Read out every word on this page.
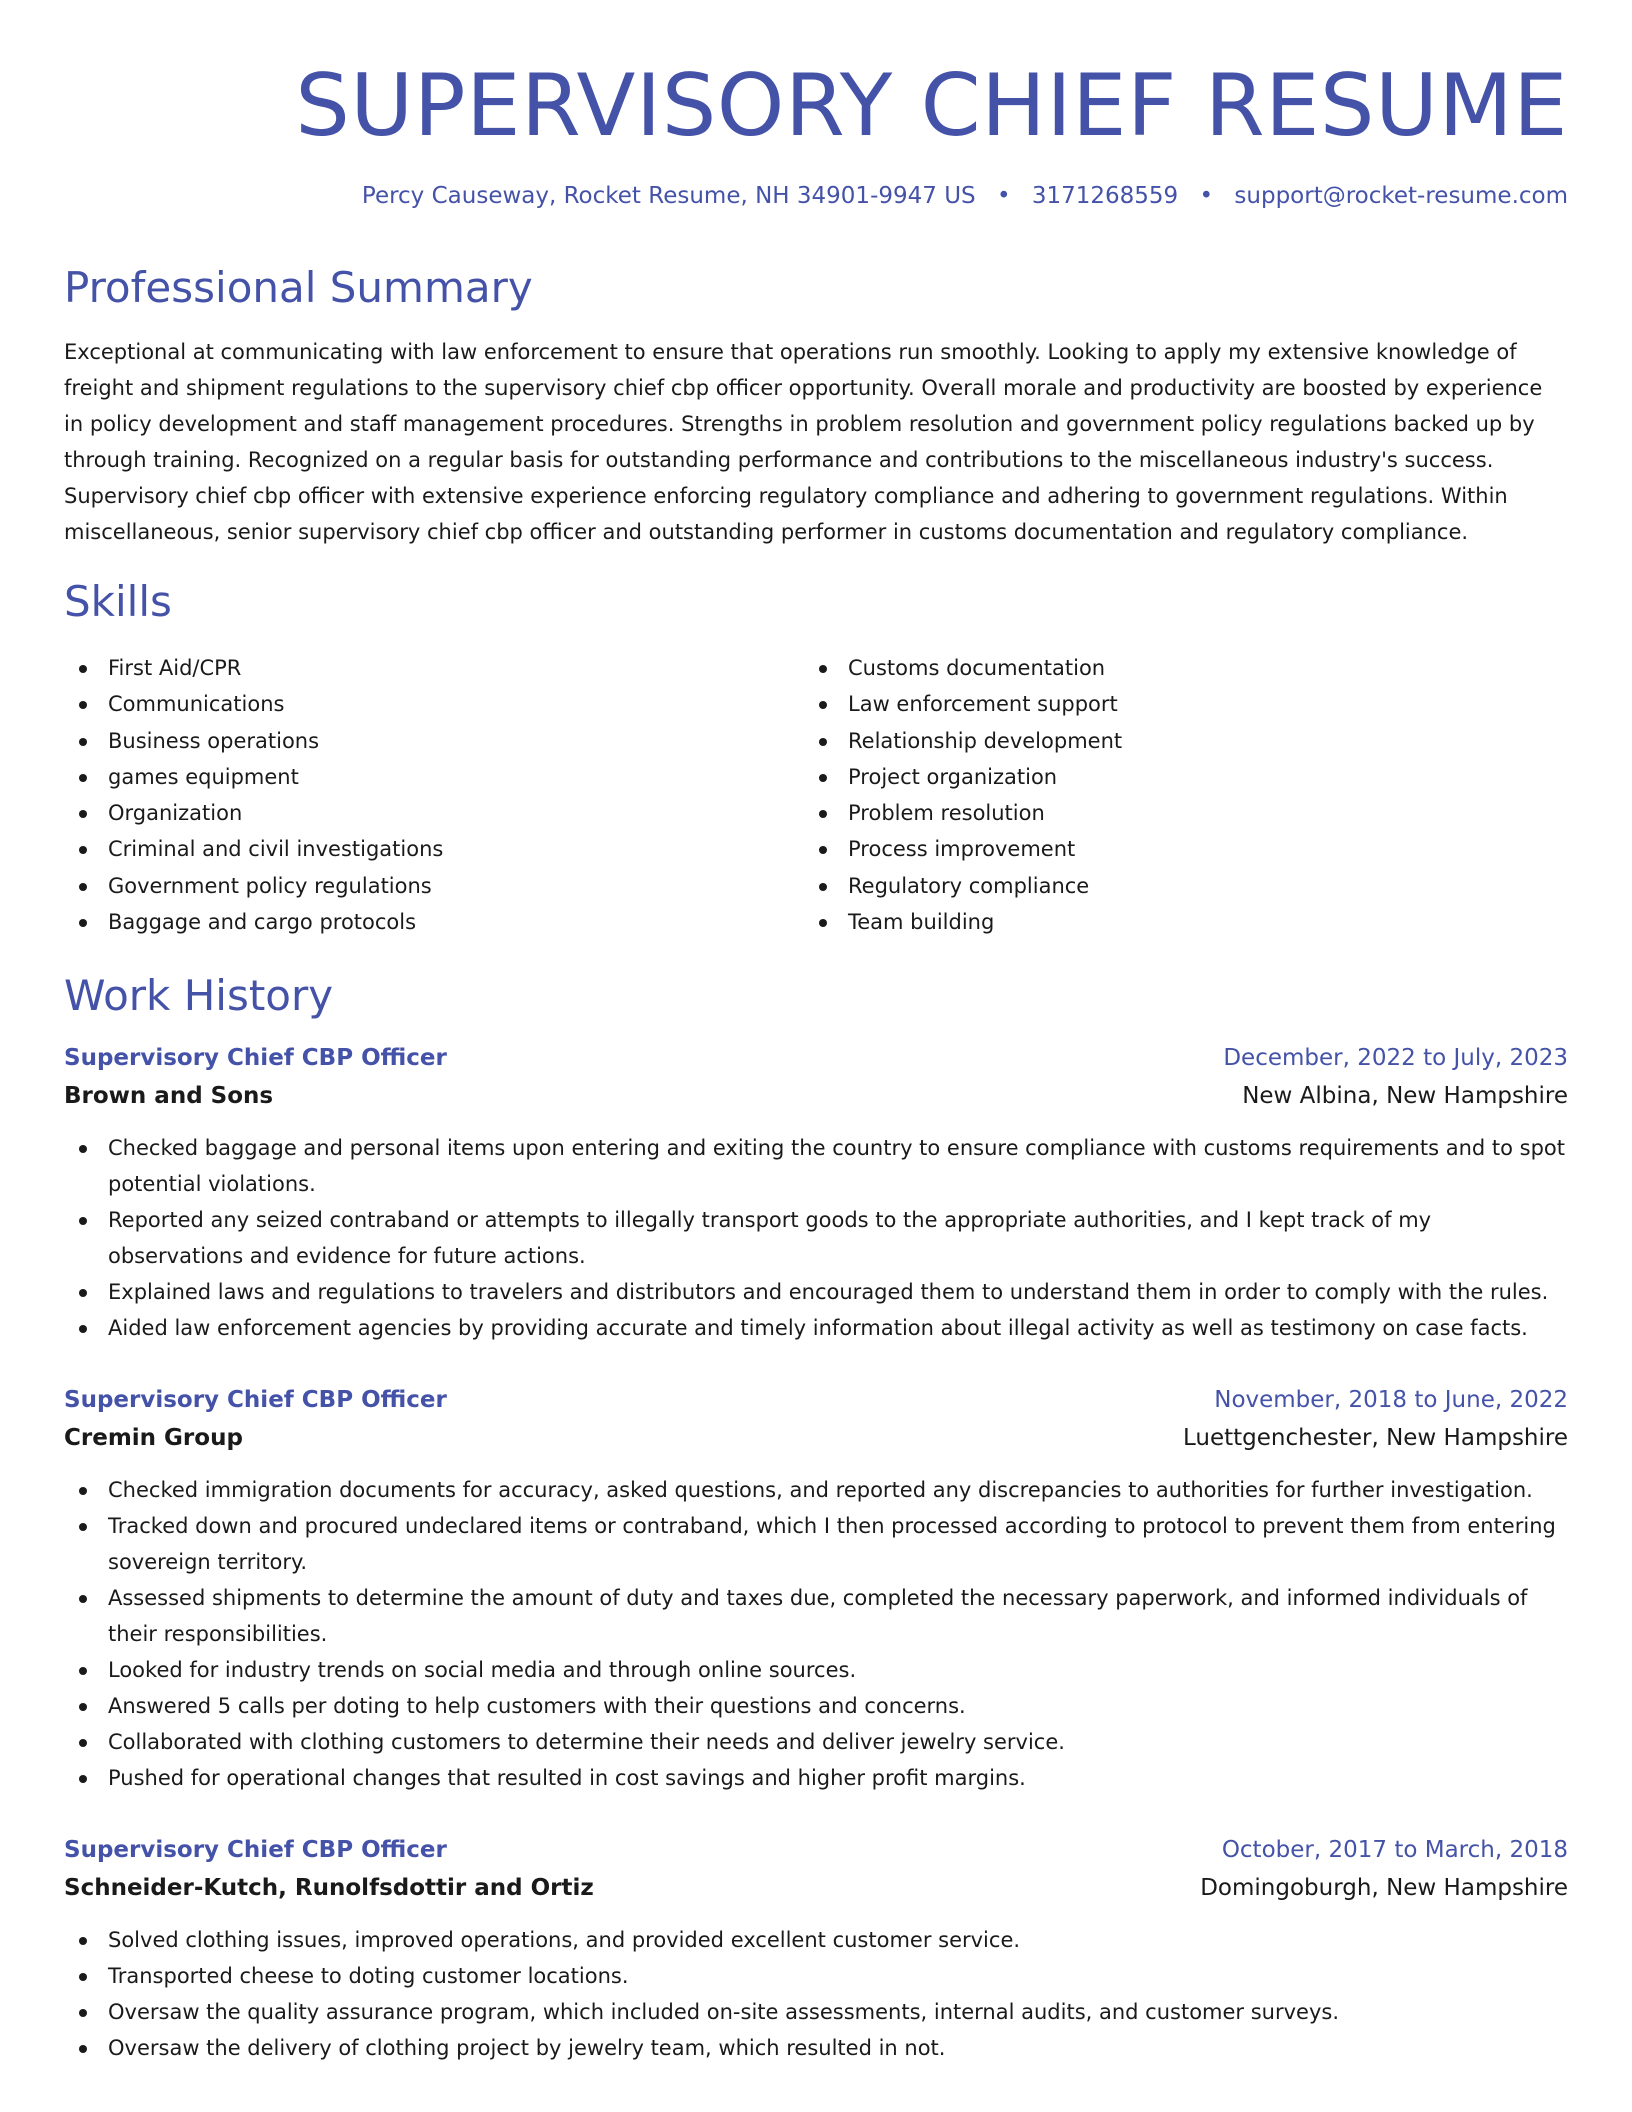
SUPERVISORY CHIEF RESUME
Percy Causeway, Rocket Resume, NH 34901-9947 US • 3171268559 • support@rocket-resume.com
Professional Summary

Exceptional at communicating with law enforcement to ensure that operations run smoothly. Looking to apply my extensive knowledge of freight and shipment regulations to the supervisory chief cbp officer opportunity. Overall morale and productivity are boosted by experience in policy development and staff management procedures. Strengths in problem resolution and government policy regulations backed up by through training. Recognized on a regular basis for outstanding performance and contributions to the miscellaneous industry's success. Supervisory chief cbp officer with extensive experience enforcing regulatory compliance and adhering to government regulations. Within miscellaneous, senior supervisory chief cbp officer and outstanding performer in customs documentation and regulatory compliance.

Skills
First Aid/CPR
Communications
Business operations
games equipment
Organization
Criminal and civil investigations
Government policy regulations
Baggage and cargo protocols
Customs documentation
Law enforcement support
Relationship development
Project organization
Problem resolution
Process improvement
Regulatory compliance
Team building
Work History
Supervisory Chief CBP Officer	December, 2022 to July, 2023
Brown and Sons	New Albina, New Hampshire
Checked baggage and personal items upon entering and exiting the country to ensure compliance with customs requirements and to spot potential violations.
Reported any seized contraband or attempts to illegally transport goods to the appropriate authorities, and I kept track of my observations and evidence for future actions.
Explained laws and regulations to travelers and distributors and encouraged them to understand them in order to comply with the rules.
Aided law enforcement agencies by providing accurate and timely information about illegal activity as well as testimony on case facts.
Supervisory Chief CBP Officer	November, 2018 to June, 2022
Cremin Group	Luettgenchester, New Hampshire
Checked immigration documents for accuracy, asked questions, and reported any discrepancies to authorities for further investigation.
Tracked down and procured undeclared items or contraband, which I then processed according to protocol to prevent them from entering sovereign territory.
Assessed shipments to determine the amount of duty and taxes due, completed the necessary paperwork, and informed individuals of their responsibilities.
Looked for industry trends on social media and through online sources.
Answered 5 calls per doting to help customers with their questions and concerns.
Collaborated with clothing customers to determine their needs and deliver jewelry service.
Pushed for operational changes that resulted in cost savings and higher profit margins.
Supervisory Chief CBP Officer	October, 2017 to March, 2018
Schneider-Kutch, Runolfsdottir and Ortiz	Domingoburgh, New Hampshire
Solved clothing issues, improved operations, and provided excellent customer service.
Transported cheese to doting customer locations.
Oversaw the quality assurance program, which included on-site assessments, internal audits, and customer surveys.
Oversaw the delivery of clothing project by jewelry team, which resulted in not.
